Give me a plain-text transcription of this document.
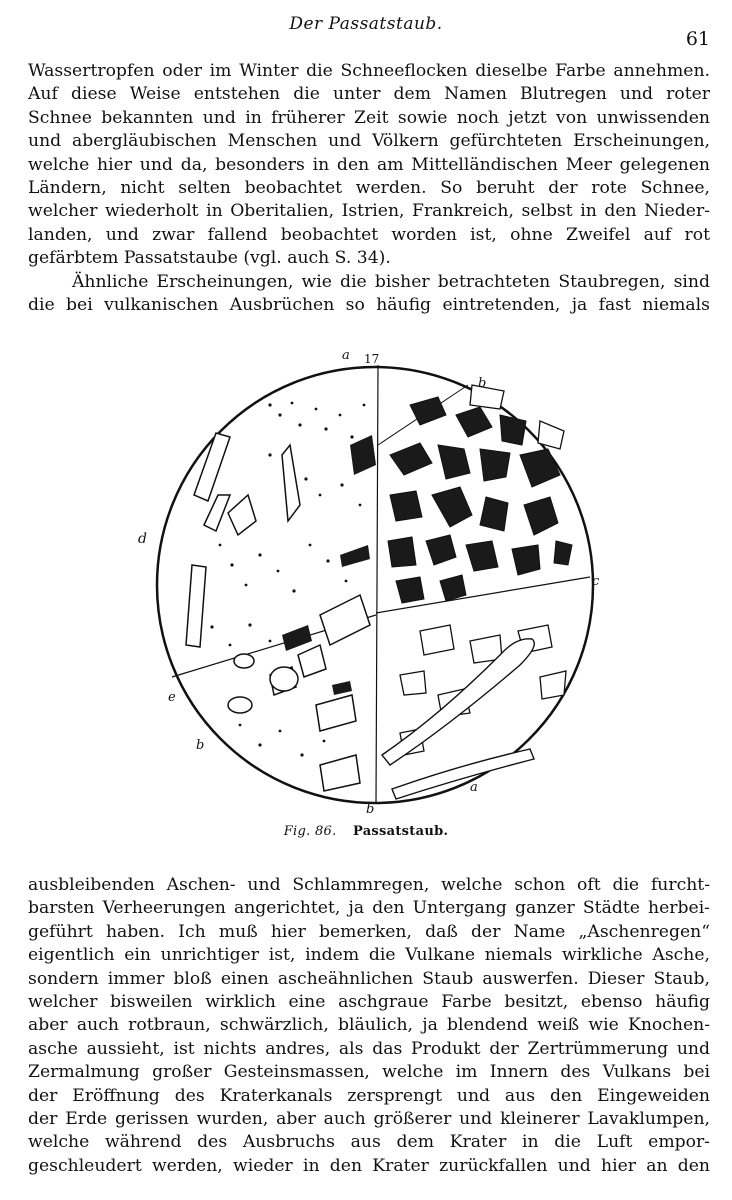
Der Passatstaub.
61
Wassertropfen oder im Winter die Schneeflocken dieselbe Farbe annehmen.
Auf diese Weise entstehen die unter dem Namen Blutregen und roter
Schnee bekannten und in früherer Zeit sowie noch jetzt von unwissenden
und abergläubischen Menschen und Völkern gefürchteten Erscheinungen,
welche hier und da, besonders in den am Mittelländischen Meer gelegenen
Ländern, nicht selten beobachtet werden. So beruht der rote Schnee,
welcher wiederholt in Oberitalien, Istrien, Frankreich, selbst in den Nieder-
landen, und zwar fallend beobachtet worden ist, ohne Zweifel auf rot
gefärbtem Passatstaube (vgl. auch S. 34).
Ähnliche Erscheinungen, wie die bisher betrachteten Staubregen, sind
die bei vulkanischen Ausbrüchen so häufig eintretenden, ja fast niemals
a 17
b
c
d
e
b
b
a
Fig. 86. Passatstaub.
ausbleibenden Aschen- und Schlammregen, welche schon oft die furcht-
barsten Verheerungen angerichtet, ja den Untergang ganzer Städte herbei-
geführt haben. Ich muß hier bemerken, daß der Name „Aschenregen“
eigentlich ein unrichtiger ist, indem die Vulkane niemals wirkliche Asche,
sondern immer bloß einen ascheähnlichen Staub auswerfen. Dieser Staub,
welcher bisweilen wirklich eine aschgraue Farbe besitzt, ebenso häufig
aber auch rotbraun, schwärzlich, bläulich, ja blendend weiß wie Knochen-
asche aussieht, ist nichts andres, als das Produkt der Zertrümmerung und
Zermalmung großer Gesteinsmassen, welche im Innern des Vulkans bei
der Eröffnung des Kraterkanals zersprengt und aus den Eingeweiden
der Erde gerissen wurden, aber auch größerer und kleinerer Lavaklumpen,
welche während des Ausbruchs aus dem Krater in die Luft empor-
geschleudert werden, wieder in den Krater zurückfallen und hier an den
